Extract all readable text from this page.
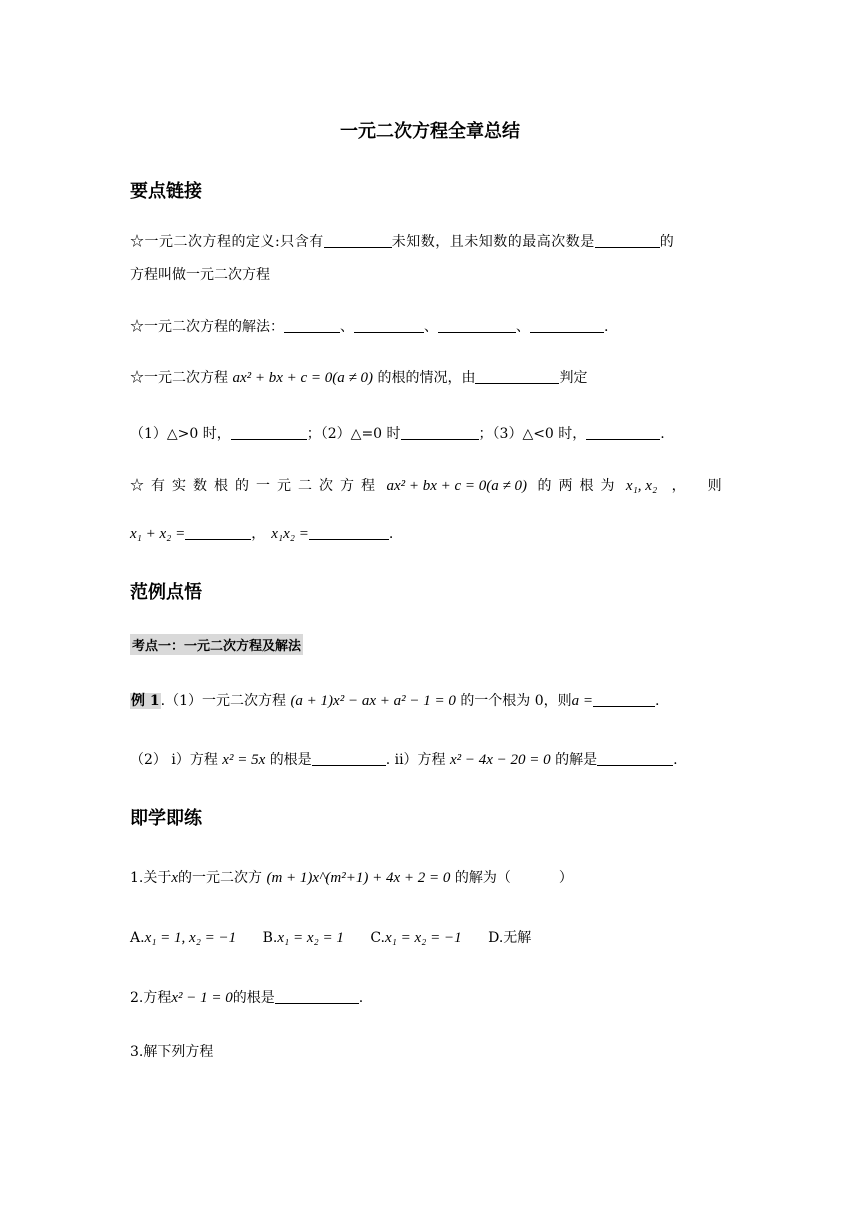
一元二次方程全章总结
要点链接
☆一元二次方程的定义:只含有	未知数，且未知数的最高次数是	的
方程叫做一元二次方程
☆一元二次方程的解法：	、	、	、	.
☆一元二次方程 ax² + bx + c = 0(a ≠ 0) 的根的情况，由	判定
（1）△>0 时，	；（2）△=0 时	；（3）△<0 时，	.
☆有实数根的一元二次方程 ax² + bx + c = 0(a ≠ 0) 的两根为 x₁, x₂ ，则
x₁ + x₂ =	， x₁x₂ =	.
范例点悟
考点一：一元二次方程及解法
例 1.（1）一元二次方程 (a + 1)x² − ax + a² − 1 = 0 的一个根为 0，则a =	.
（2） i）方程 x² = 5x 的根是	. ii）方程 x² − 4x − 20 = 0 的解是	.
即学即练
1.关于x的一元二次方 (m + 1)x^(m²+1) + 4x + 2 = 0 的解为（	）
A.x₁ = 1, x₂ = −1 B.x₁ = x₂ = 1 C.x₁ = x₂ = −1 D.无解
2.方程x² − 1 = 0的根是	.
3.解下列方程
